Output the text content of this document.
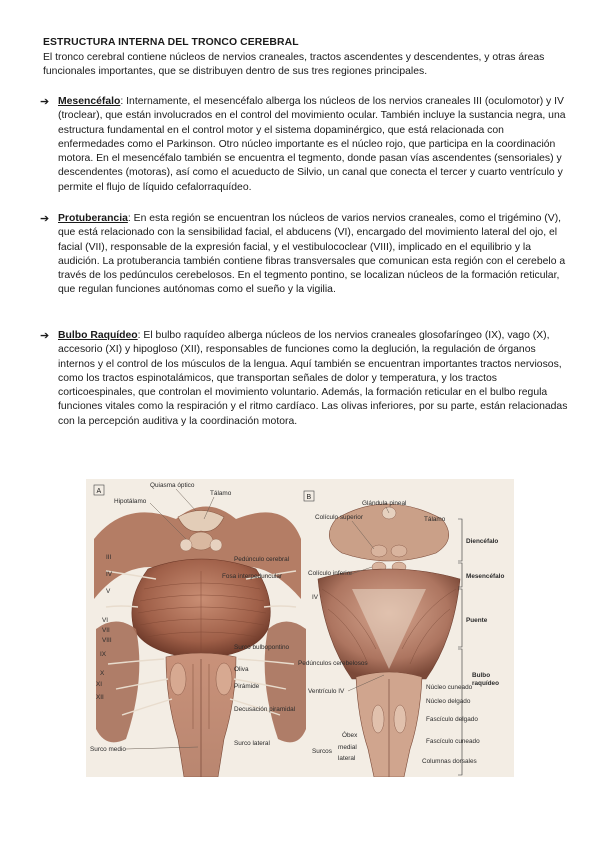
ESTRUCTURA INTERNA DEL TRONCO CEREBRAL

El tronco cerebral contiene núcleos de nervios craneales, tractos ascendentes y descendentes, y otras áreas funcionales importantes, que se distribuyen dentro de sus tres regiones principales.

➔ Mesencéfalo: Internamente, el mesencéfalo alberga los núcleos de los nervios craneales III (oculomotor) y IV (troclear), que están involucrados en el control del movimiento ocular. También incluye la sustancia negra, una estructura fundamental en el control motor y el sistema dopaminérgico, que está relacionada con enfermedades como el Parkinson. Otro núcleo importante es el núcleo rojo, que participa en la coordinación motora. En el mesencéfalo también se encuentra el tegmento, donde pasan vías ascendentes (sensoriales) y descendentes (motoras), así como el acueducto de Silvio, un canal que conecta el tercer y cuarto ventrículo y permite el flujo de líquido cefalorraquídeo.

➔ Protuberancia: En esta región se encuentran los núcleos de varios nervios craneales, como el trigémino (V), que está relacionado con la sensibilidad facial, el abducens (VI), encargado del movimiento lateral del ojo, el facial (VII), responsable de la expresión facial, y el vestibulococlear (VIII), implicado en el equilibrio y la audición. La protuberancia también contiene fibras transversales que comunican esta región con el cerebelo a través de los pedúnculos cerebelosos. En el tegmento pontino, se localizan núcleos de la formación reticular, que regulan funciones autónomas como el sueño y la vigilia.

➔ Bulbo Raquídeo: El bulbo raquídeo alberga núcleos de los nervios craneales glosofaríngeo (IX), vago (X), accesorio (XI) y hipogloso (XII), responsables de funciones como la deglución, la regulación de órganos internos y el control de los músculos de la lengua. Aquí también se encuentran importantes tractos nerviosos, como los tractos espinotalámicos, que transportan señales de dolor y temperatura, y los tractos corticoespinales, que controlan el movimiento voluntario. Además, la formación reticular en el bulbo regula funciones vitales como la respiración y el ritmo cardíaco. Las olivas inferiores, por su parte, están relacionadas con la percepción auditiva y la coordinación motora.

A
III
IV
V
VI
VII
VIII
IX
X
XI
XII
Quiasma óptico
Hipotálamo
Tálamo
Pedúnculo cerebral
Fosa interpeduncular
Surco bulbopontino
Oliva
Pirámide
Decusación piramidal
Surco lateral
Surco medio
B
Diencéfalo
Mesencéfalo
Puente
Bulbo
raquídeo
Glándula pineal
Colículo superior	Tálamo
Colículo inferior
IV
Pedúnculos cerebelosos
Ventrículo IV
Núcleo cuneado
Núcleo delgado
Fascículo delgado
Fascículo cuneado
Óbex
Surcos
medial
lateral	Columnas dorsales
